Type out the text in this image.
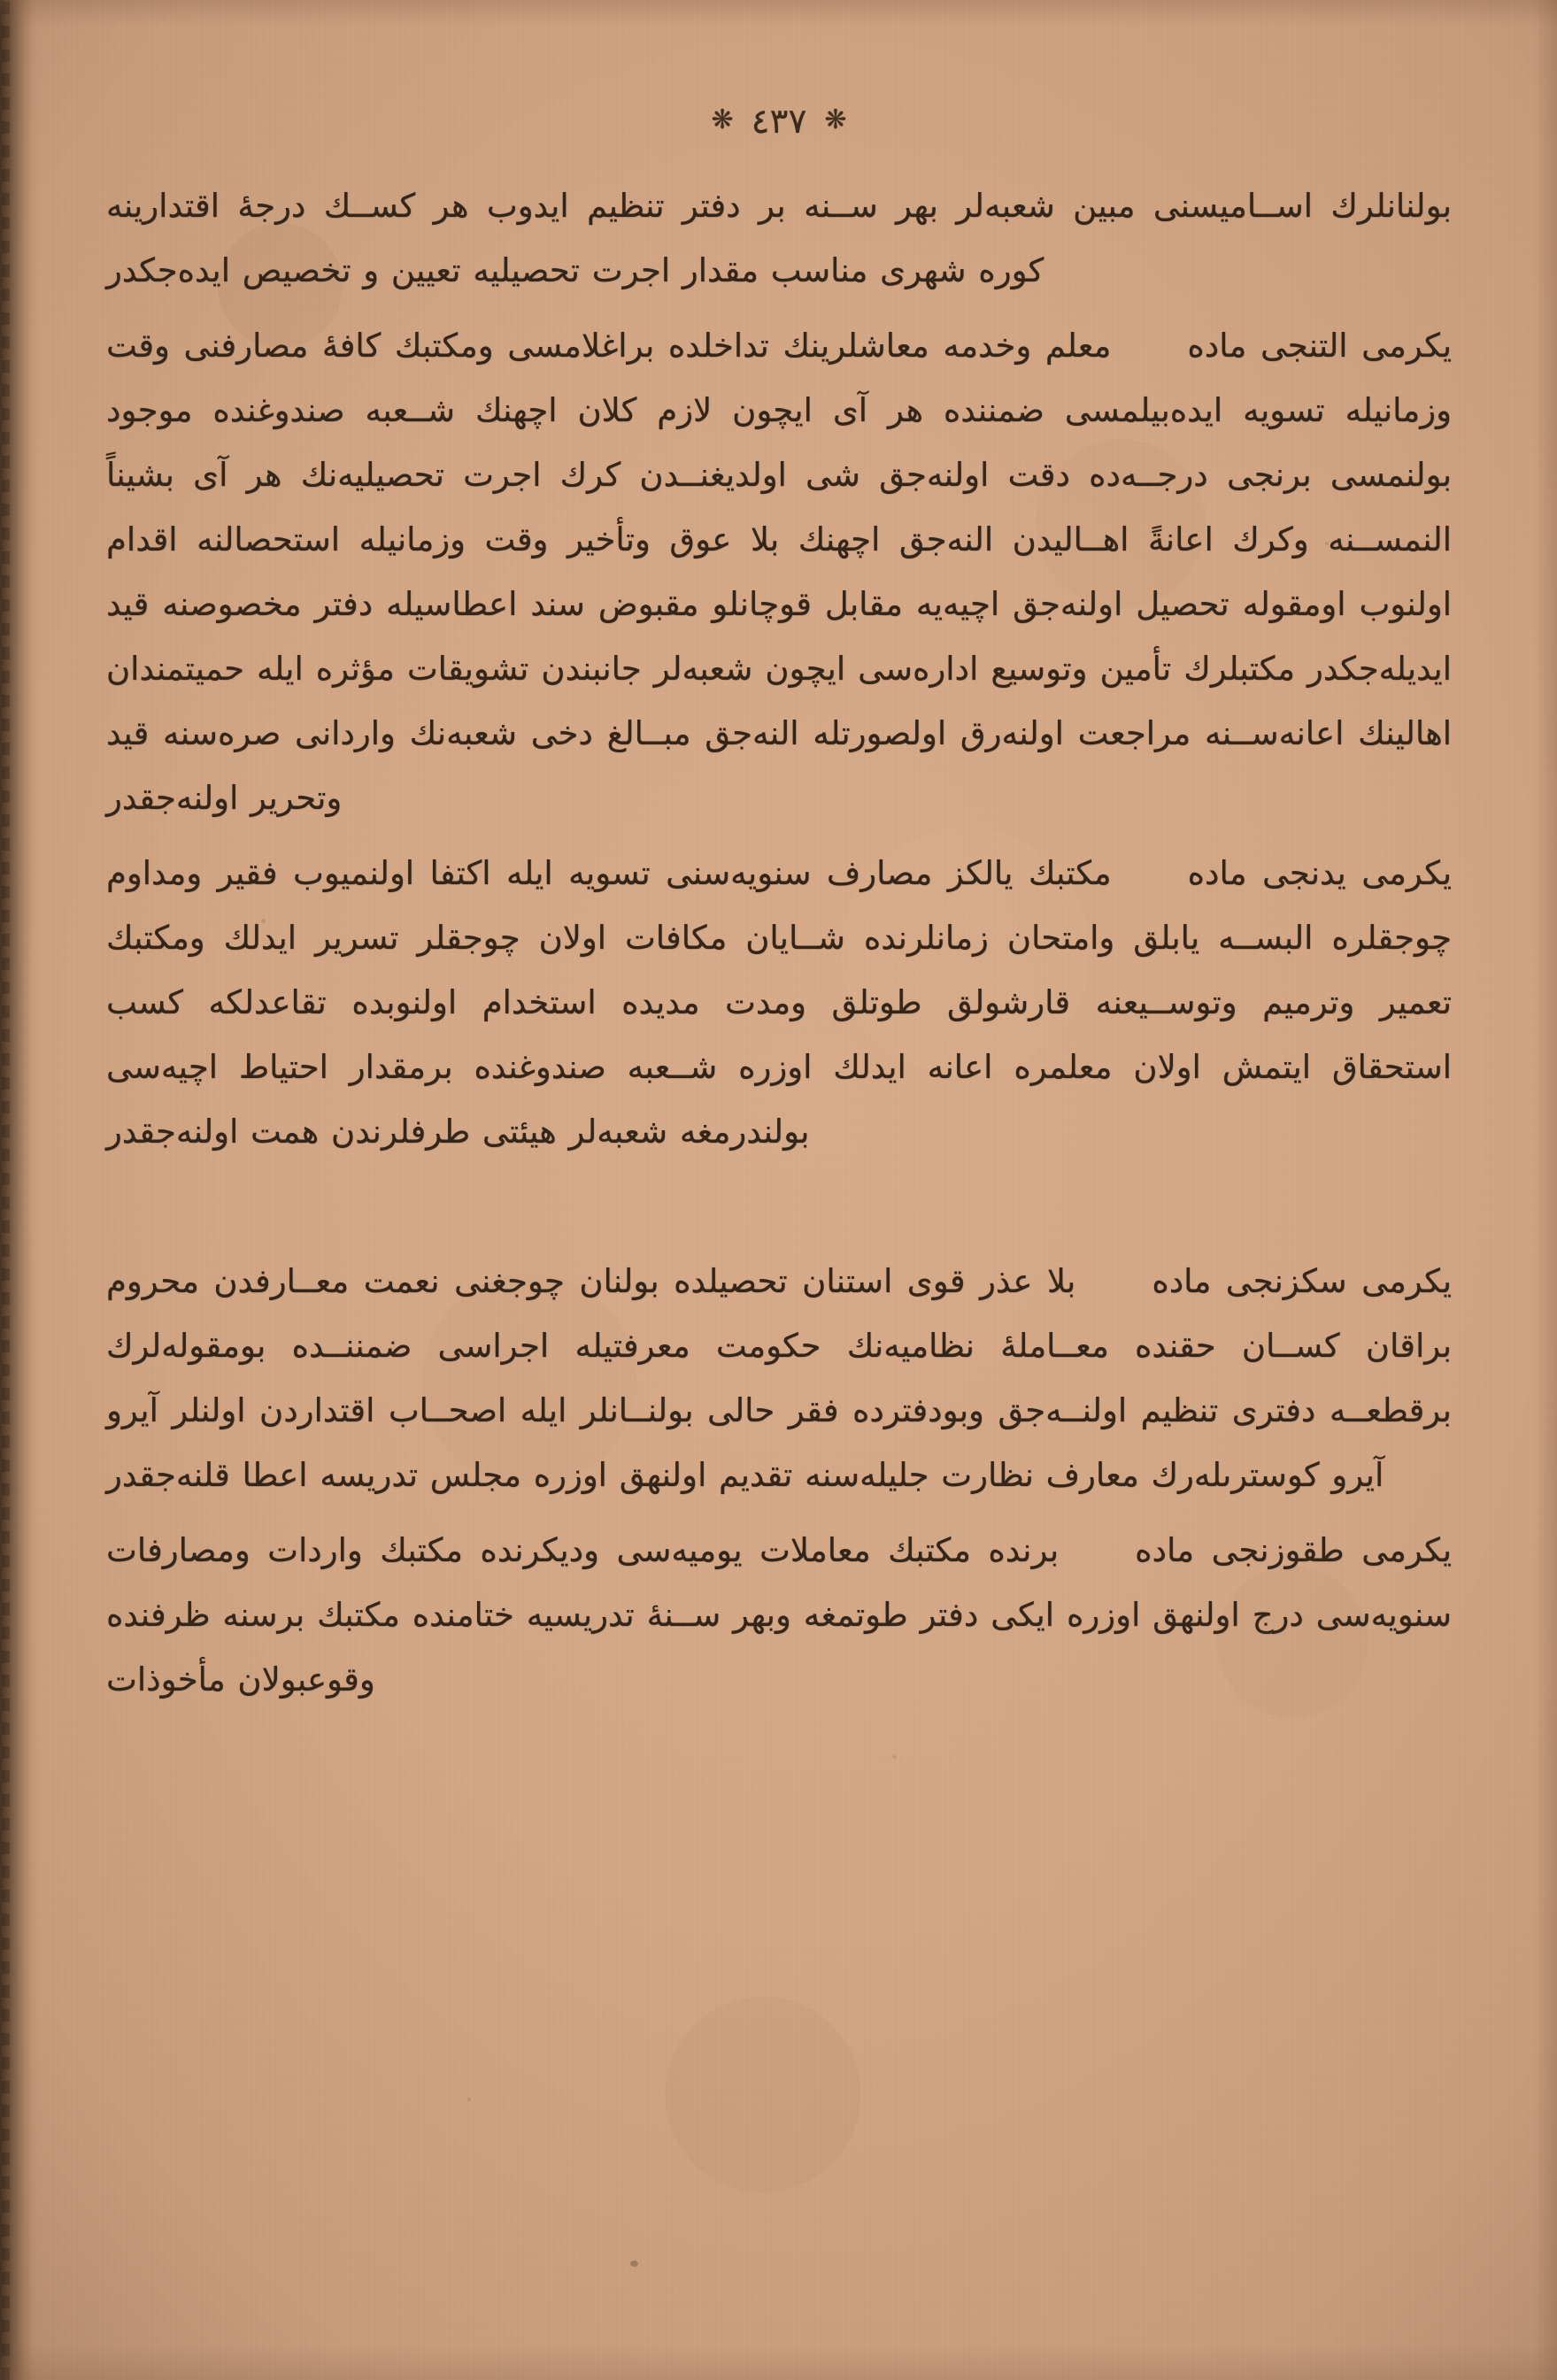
❋٤٣٧❋

بولنانلرك اســاميسنى مبين شعبه‌لر بهر ســنه بر دفتر تنظيم ايدوب هر كســك درجهٔ اقتدارينه كوره شهرى مناسب مقدار اجرت تحصيليه تعيين و تخصيص ايده‌جكدر

يكرمى التنجى مادهمعلم وخدمه معاشلرينك تداخلده براغلامسى ومكتبك كافهٔ مصارفنى وقت وزمانيله تسويه ايده‌بيلمسى ضمننده هر آى ايچون لازم كلان اچهنك شــعبه صندوغنده موجود بولنمسى برنجى درجــه‌ده دقت اولنه‌جق شى اولديغنــدن كرك اجرت تحصيليه‌نك هر آى بشيناً النمســنه وكرك اعانةً اهــاليدن النه‌جق اچهنك بلا عوق وتأخير وقت وزمانيله استحصالنه اقدام اولنوب اومقوله تحصيل اولنه‌جق اچيه‌يه مقابل قوچانلو مقبوض سند اعطاسيله دفتر مخصوصنه قيد ايديله‌جكدر مكتبلرك تأمين وتوسيع اداره‌سى ايچون شعبه‌لر جانبندن تشويقات مؤثره ايله حميتمندان اهالينك اعانه‌ســنه مراجعت اولنه‌رق اولصورتله النه‌جق مبــالغ دخى شعبه‌نك واردانى صره‌سنه قيد وتحرير اولنه‌جقدر

يكرمى يدنجى مادهمكتبك يالكز مصارف سنويه‌سنى تسويه ايله اكتفا اولنميوب فقير ومداوم چوجقلره البســه يابلق وامتحان زمانلرنده شــايان مكافات اولان چوجقلر تسرير ايدلك ومكتبك تعمير وترميم وتوســيعنه قارشولق طوتلق ومدت مديده استخدام اولنوبده تقاعدلكه كسب استحقاق ايتمش اولان معلمره اعانه ايدلك اوزره شــعبه صندوغنده برمقدار احتياط اچيه‌سى بولندرمغه شعبه‌لر هيئتى طرفلرندن همت اولنه‌جقدر

يكرمى سكزنجى مادهبلا عذر قوى استنان تحصيلده بولنان چوجغنى نعمت معــارفدن محروم براقان كســان حقنده معــاملهٔ نظاميه‌نك حكومت معرفتيله اجراسى ضمننــده بومقوله‌لرك برقطعــه دفترى تنظيم اولنــه‌جق وبودفترده فقر حالى بولنــانلر ايله اصحــاب اقتداردن اولنلر آيرو آيرو كوسترىله‌رك معارف نظارت جليله‌سنه تقديم اولنهق اوزره مجلس تدريسه اعطا قلنه‌جقدر

يكرمى طقوزنجى مادهبرنده مكتبك معاملات يوميه‌سى وديكرنده مكتبك واردات ومصارفات سنويه‌سى درج اولنهق اوزره ايكى دفتر طوتمغه وبهر ســنهٔ تدريسيه ختامنده مكتبك برسنه ظرفنده وقوعبولان مأخوذات
